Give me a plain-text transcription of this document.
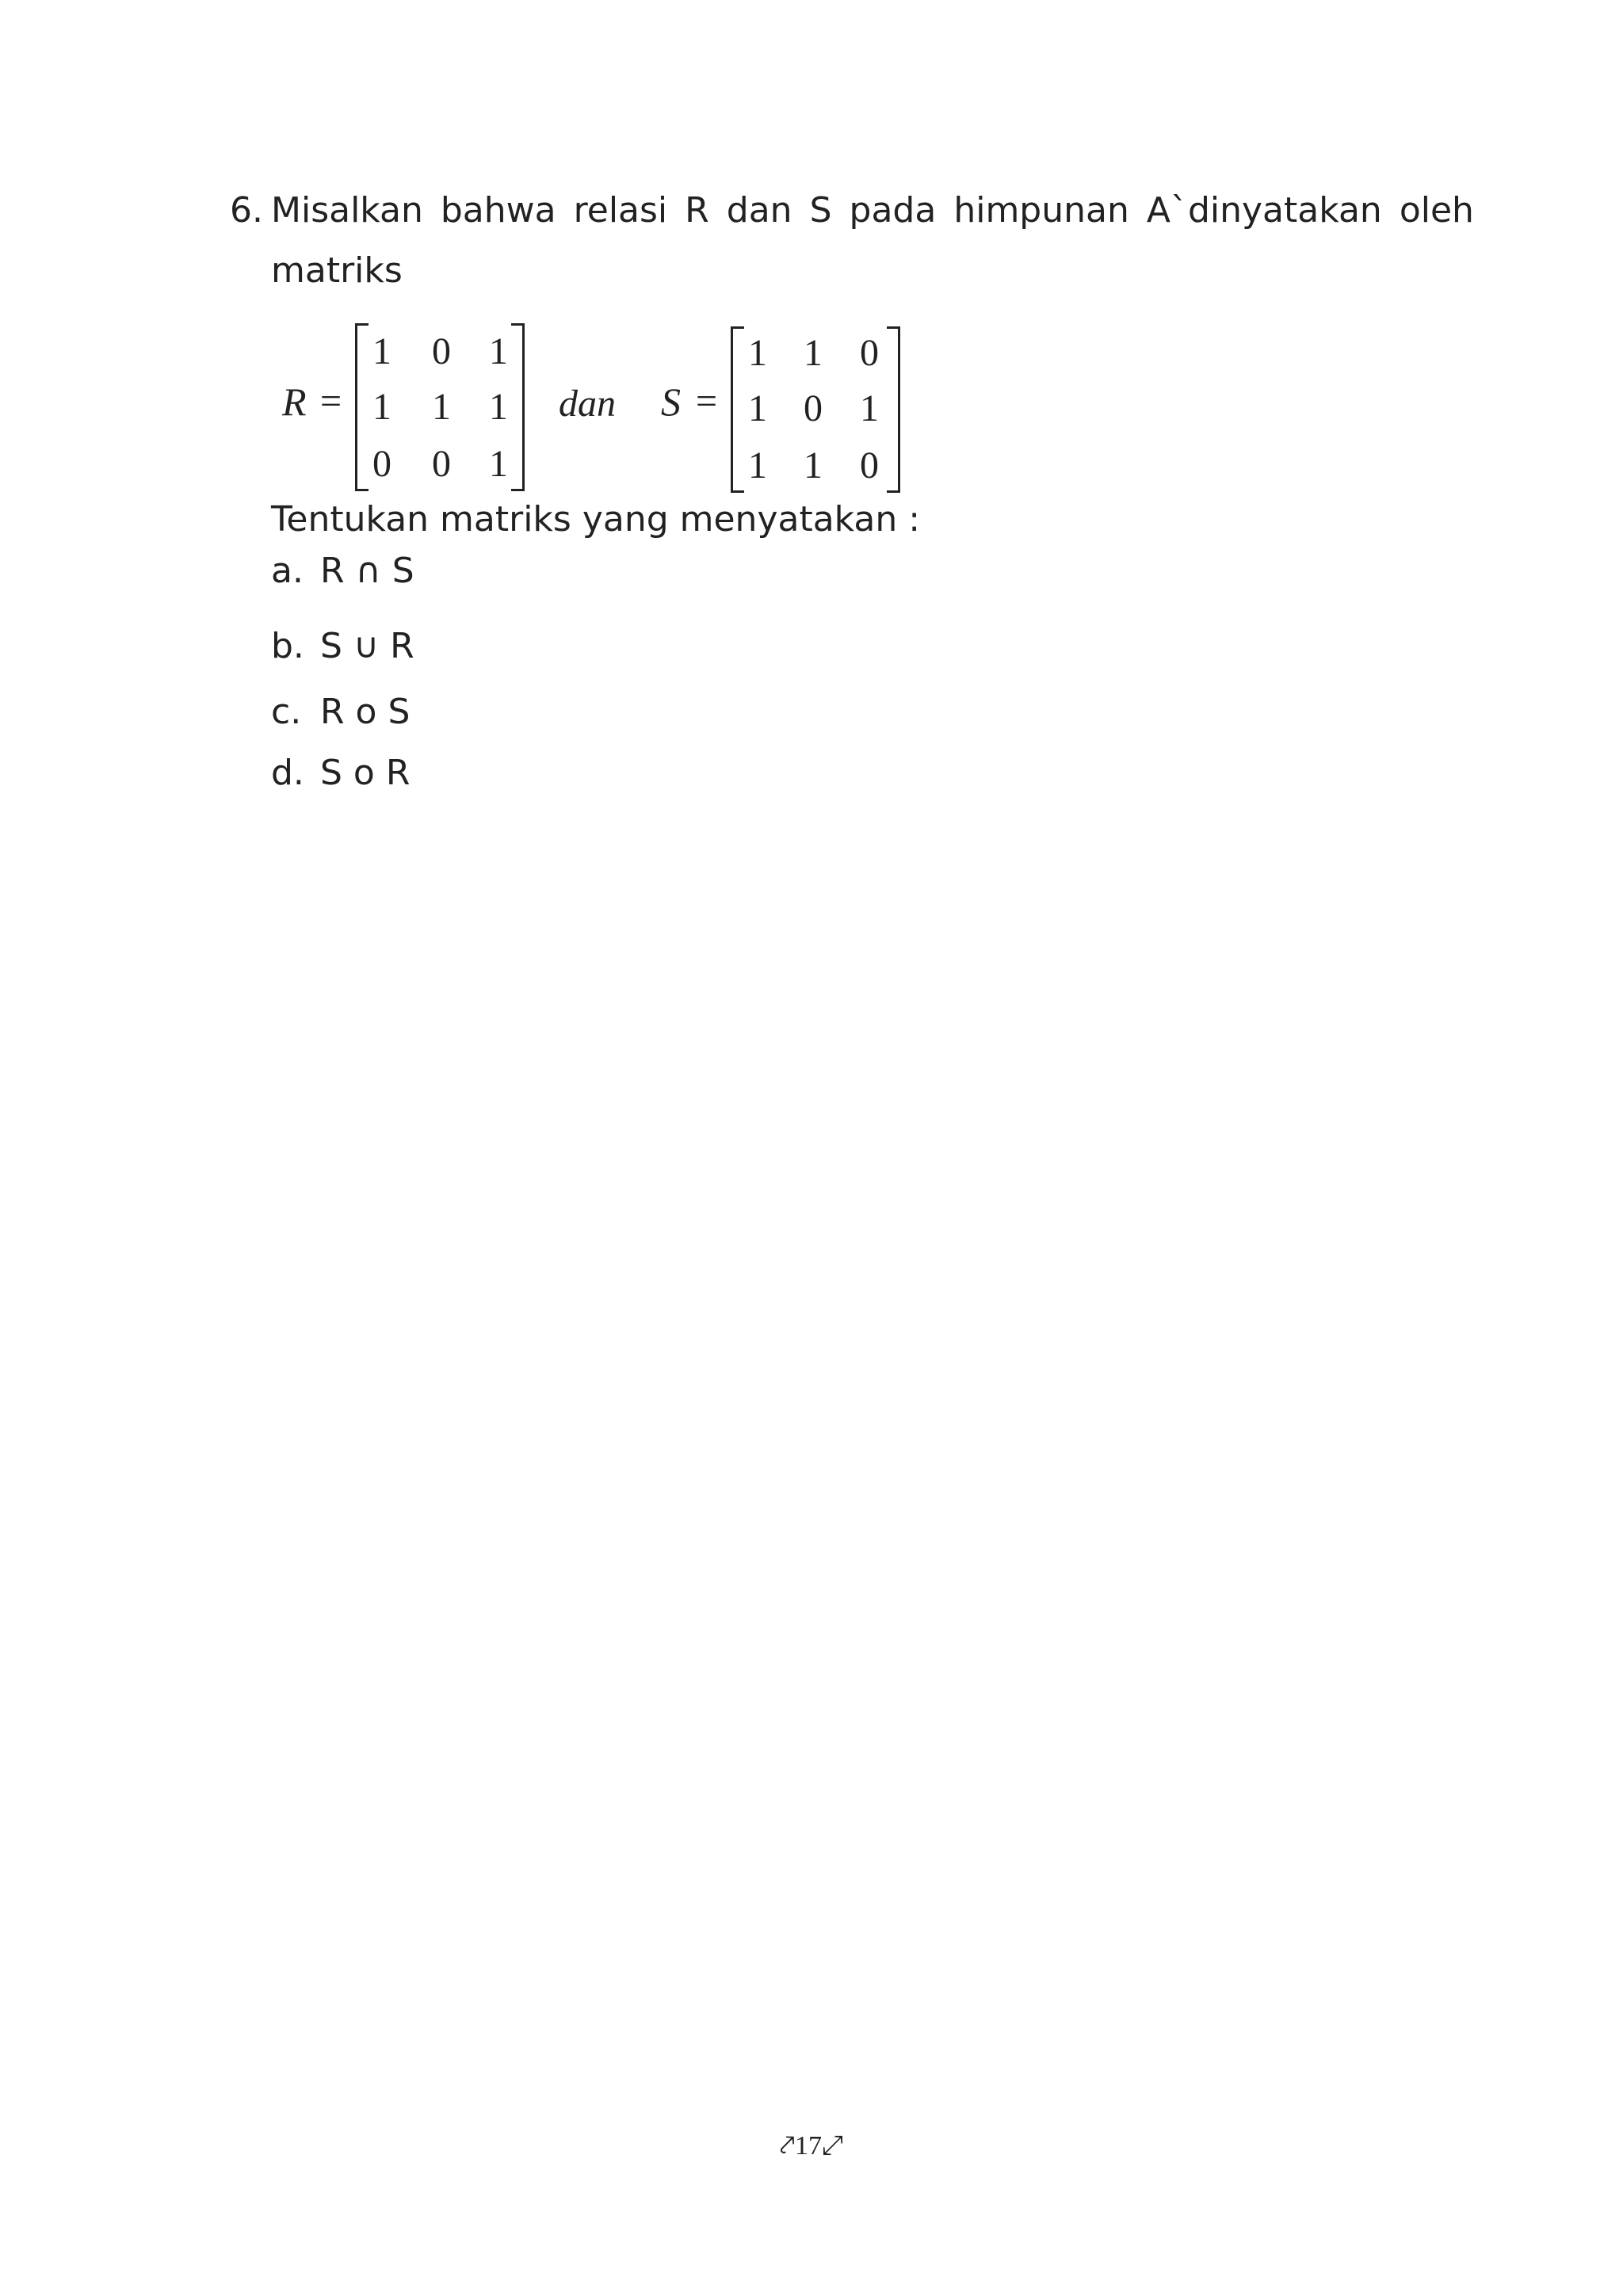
6. Misalkan bahwa relasi R dan S pada himpunan A`dinyatakan oleh
matriks
R =
1 0 1
1 1 1
0 0 1
dan S =
1 1 0
1 0 1
1 1 0
Tentukan matriks yang menyatakan :
a. R ∩ S
b. S ∪ R
c. R o S
d. S o R
⤤17⤢
